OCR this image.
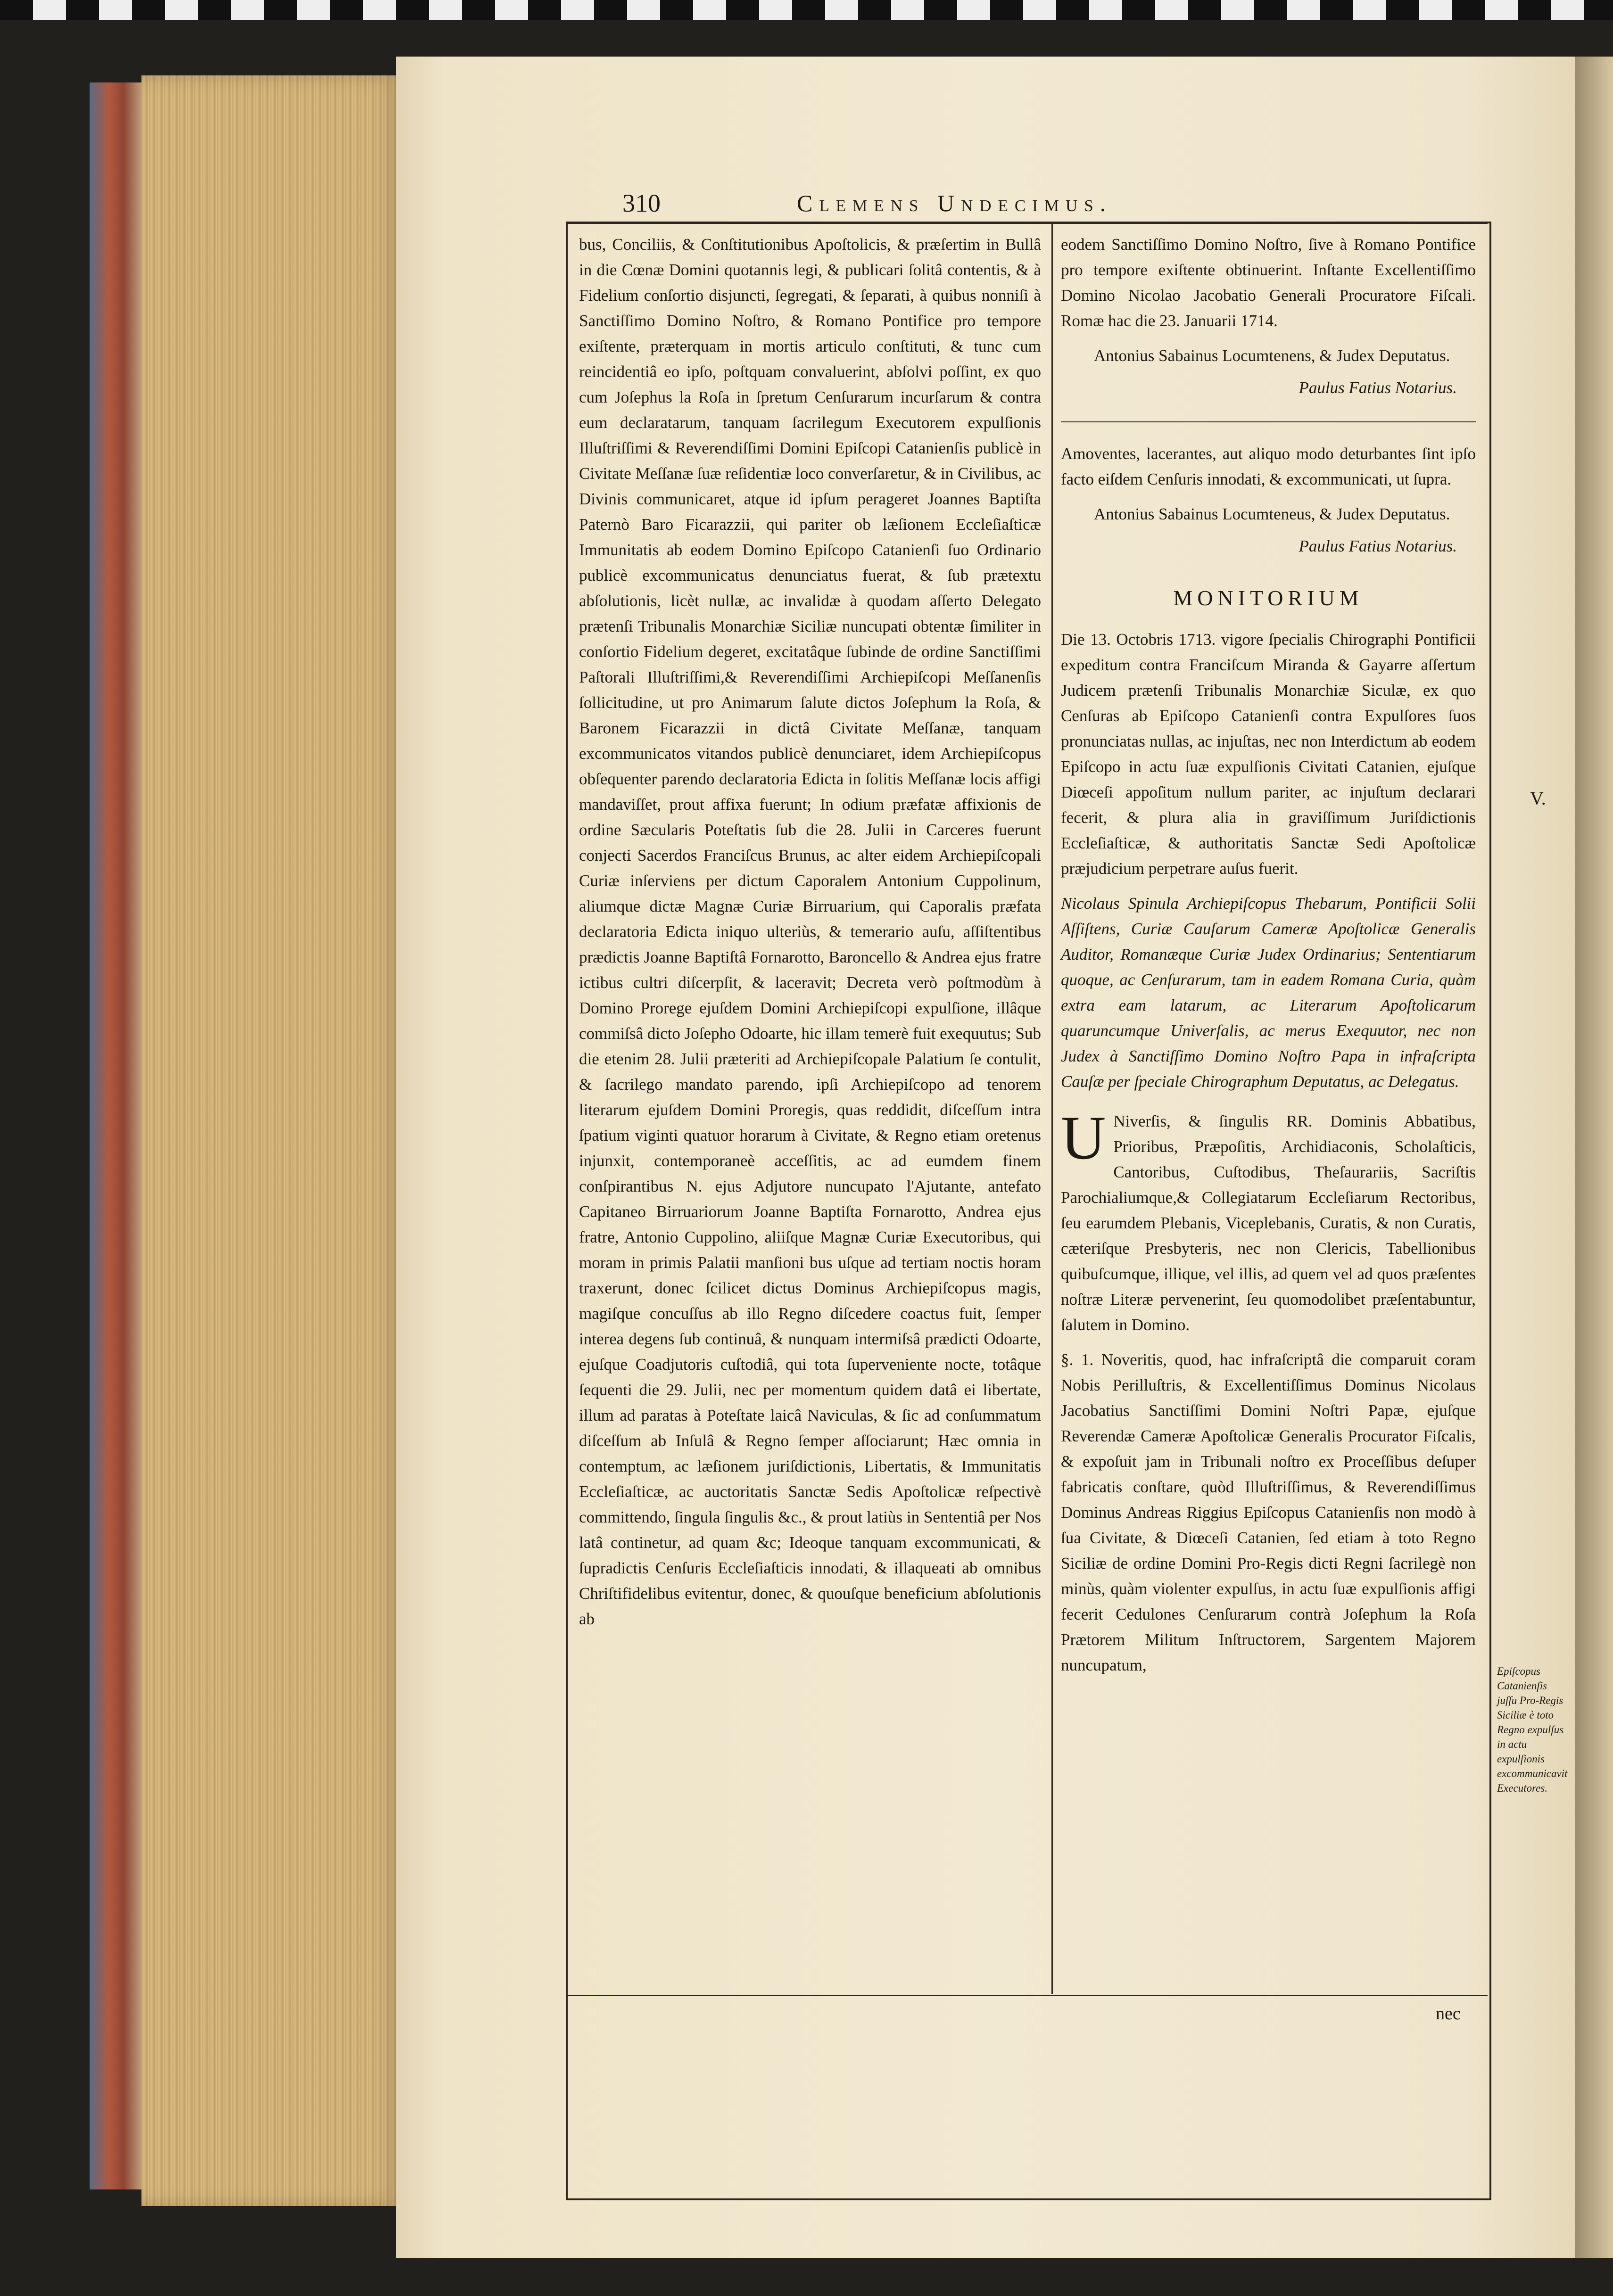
310	Clemens Undecimus.

bus, Conciliis, & Conſtitutionibus Apoſtolicis, & præſertim in Bullâ in die Cœnæ Domini quotannis legi, & publicari ſolitâ contentis, & à Fidelium conſortio disjuncti, ſegregati, & ſeparati, à quibus nonniſi à Sanctiſſimo Domino Noſtro, & Romano Pontifice pro tempore exiſtente, præterquam in mortis articulo conſtituti, & tunc cum reincidentiâ eo ipſo, poſtquam convaluerint, abſolvi poſſint, ex quo cum Joſephus la Roſa in ſpretum Cenſurarum incurſarum & contra eum declaratarum, tanquam ſacrilegum Executorem expulſionis Illuſtriſſimi & Reverendiſſimi Domini Epiſcopi Catanienſis publicè in Civitate Meſſanæ ſuæ reſidentiæ loco converſaretur, & in Civilibus, ac Divinis communicaret, atque id ipſum perageret Joannes Baptiſta Paternò Baro Ficarazzii, qui pariter ob læſionem Eccleſiaſticæ Immunitatis ab eodem Domino Epiſcopo Catanienſi ſuo Ordinario publicè excommunicatus denunciatus fuerat, & ſub prætextu abſolutionis, licèt nullæ, ac invalidæ à quodam aſſerto Delegato prætenſi Tribunalis Monarchiæ Siciliæ nuncupati obtentæ ſimiliter in conſortio Fidelium degeret, excitatâque ſubinde de ordine Sanctiſſimi Paſtorali Illuſtriſſimi,& Reverendiſſimi Archiepiſcopi Meſſanenſis ſollicitudine, ut pro Animarum ſalute dictos Joſephum la Roſa, & Baronem Ficarazzii in dictâ Civitate Meſſanæ, tanquam excommunicatos vitandos publicè denunciaret, idem Archiepiſcopus obſequenter parendo declaratoria Edicta in ſolitis Meſſanæ locis affigi mandaviſſet, prout affixa fuerunt; In odium præfatæ affixionis de ordine Sæcularis Poteſtatis ſub die 28. Julii in Carceres fuerunt conjecti Sacerdos Franciſcus Brunus, ac alter eidem Archiepiſcopali Curiæ inſerviens per dictum Caporalem Antonium Cuppolinum, aliumque dictæ Magnæ Curiæ Birruarium, qui Caporalis præfata declaratoria Edicta iniquo ulteriùs, & temerario auſu, aſſiſtentibus prædictis Joanne Baptiſtâ Fornarotto, Baroncello & Andrea ejus fratre ictibus cultri diſcerpſit, & laceravit; Decreta verò poſtmodùm à Domino Prorege ejuſdem Domini Archiepiſcopi expulſione, illâque commiſsâ dicto Joſepho Odoarte, hic illam temerè fuit exequutus; Sub die etenim 28. Julii præteriti ad Archiepiſcopale Palatium ſe contulit, & ſacrilego mandato parendo, ipſi Archiepiſcopo ad tenorem literarum ejuſdem Domini Proregis, quas reddidit, diſceſſum intra ſpatium viginti quatuor horarum à Civitate, & Regno etiam oretenus injunxit, contemporaneè acceſſitis, ac ad eumdem finem conſpirantibus N. ejus Adjutore nuncupato l'Ajutante, antefato Capitaneo Birruariorum Joanne Baptiſta Fornarotto, Andrea ejus fratre, Antonio Cuppolino, aliiſque Magnæ Curiæ Executoribus, qui moram in primis Palatii manſioni bus uſque ad tertiam noctis horam traxerunt, donec ſcilicet dictus Dominus Archiepiſcopus magis, magiſque concuſſus ab illo Regno diſcedere coactus fuit, ſemper interea degens ſub continuâ, & nunquam intermiſsâ prædicti Odoarte, ejuſque Coadjutoris cuſtodiâ, qui tota ſuperveniente nocte, totâque ſequenti die 29. Julii, nec per momentum quidem datâ ei libertate, illum ad paratas à Poteſtate laicâ Naviculas, & ſic ad conſummatum diſceſſum ab Inſulâ & Regno ſemper aſſociarunt; Hæc omnia in contemptum, ac læſionem juriſdictionis, Libertatis, & Immunitatis Eccleſiaſticæ, ac auctoritatis Sanctæ Sedis Apoſtolicæ reſpectivè committendo, ſingula ſingulis &c., & prout latiùs in Sententiâ per Nos latâ continetur, ad quam &c; Ideoque tanquam excommunicati, & ſupradictis Cenſuris Eccleſiaſticis innodati, & illaqueati ab omnibus Chriſtifidelibus evitentur, donec, & quouſque beneficium abſolutionis ab

eodem Sanctiſſimo Domino Noſtro, ſive à Romano Pontifice pro tempore exiſtente obtinuerint. Inſtante Excellentiſſimo Domino Nicolao Jacobatio Generali Procuratore Fiſcali. Romæ hac die 23. Januarii 1714.

Antonius Sabainus Locumtenens, & Judex Deputatus.

Paulus Fatius Notarius.

Amoventes, lacerantes, aut aliquo modo deturbantes ſint ipſo facto eiſdem Cenſuris innodati, & excommunicati, ut ſupra.

Antonius Sabainus Locumteneus, & Judex Deputatus.

Paulus Fatius Notarius.

MONITORIUM

Die 13. Octobris 1713. vigore ſpecialis Chirographi Pontificii expeditum contra Franciſcum Miranda & Gayarre aſſertum Judicem prætenſi Tribunalis Monarchiæ Siculæ, ex quo Cenſuras ab Epiſcopo Catanienſi contra Expulſores ſuos pronunciatas nullas, ac injuſtas, nec non Interdictum ab eodem Epiſcopo in actu ſuæ expulſionis Civitati Catanien, ejuſque Diœceſi appoſitum nullum pariter, ac injuſtum declarari fecerit, & plura alia in graviſſimum Juriſdictionis Eccleſiaſticæ, & authoritatis Sanctæ Sedi Apoſtolicæ præjudicium perpetrare auſus fuerit.

Nicolaus Spinula Archiepiſcopus Thebarum, Pontificii Solii Aſſiſtens, Curiæ Cauſarum Cameræ Apoſtolicæ Generalis Auditor, Romanæque Curiæ Judex Ordinarius; Sententiarum quoque, ac Cenſurarum, tam in eadem Romana Curia, quàm extra eam latarum, ac Literarum Apoſtolicarum quaruncumque Univerſalis, ac merus Exequutor, nec non Judex à Sanctiſſimo Domino Noſtro Papa in infraſcripta Cauſæ per ſpeciale Chirographum Deputatus, ac Delegatus.

U Niverſis, & ſingulis RR. Dominis Abbatibus, Prioribus, Præpoſitis, Archidiaconis, Scholaſticis, Cantoribus, Cuſtodibus, Theſaurariis, Sacriſtis Parochialiumque,& Collegiatarum Eccleſiarum Rectoribus, ſeu earumdem Plebanis, Viceplebanis, Curatis, & non Curatis, cæteriſque Presbyteris, nec non Clericis, Tabellionibus quibuſcumque, illique, vel illis, ad quem vel ad quos præſentes noſtræ Literæ pervenerint, ſeu quomodolibet præſentabuntur, ſalutem in Domino.

§. 1. Noveritis, quod, hac infraſcriptâ die comparuit coram Nobis Perilluſtris, & Excellentiſſimus Dominus Nicolaus Jacobatius Sanctiſſimi Domini Noſtri Papæ, ejuſque Reverendæ Cameræ Apoſtolicæ Generalis Procurator Fiſcalis, & expoſuit jam in Tribunali noſtro ex Proceſſibus deſuper fabricatis conſtare, quòd Illuſtriſſimus, & Reverendiſſimus Dominus Andreas Riggius Epiſcopus Catanienſis non modò à ſua Civitate, & Diœceſi Catanien, ſed etiam à toto Regno Siciliæ de ordine Domini Pro-Regis dicti Regni ſacrilegè non minùs, quàm violenter expulſus, in actu ſuæ expulſionis affigi fecerit Cedulones Cenſurarum contrà Joſephum la Roſa Prætorem Militum Inſtructorem, Sargentem Majorem nuncupatum,

nec
V.
Epiſcopus Catanienſis juſſu Pro-Regis Siciliæ è toto Regno expulſus in actu expulſionis excommunicavit Executores.
